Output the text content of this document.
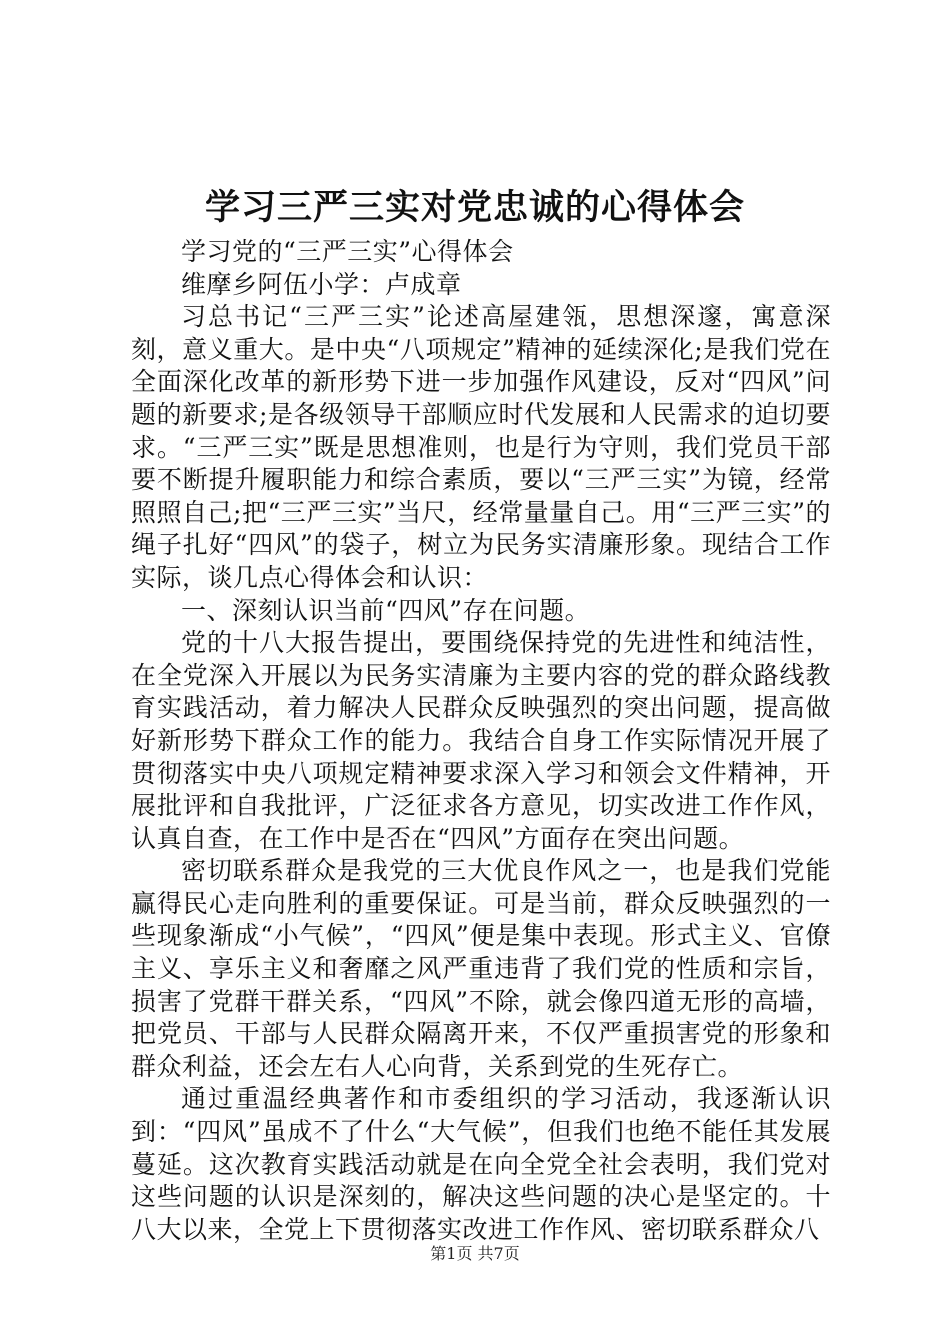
学习三严三实对党忠诚的心得体会

学习党的“三严三实”心得体会

维摩乡阿伍小学：卢成章

习总书记“三严三实”论述高屋建瓴，思想深邃，寓意深刻，意义重大。是中央“八项规定”精神的延续深化;是我们党在全面深化改革的新形势下进一步加强作风建设，反对“四风”问题的新要求;是各级领导干部顺应时代发展和人民需求的迫切要求。“三严三实”既是思想准则，也是行为守则，我们党员干部要不断提升履职能力和综合素质，要以“三严三实”为镜，经常照照自己;把“三严三实”当尺，经常量量自己。用“三严三实”的绳子扎好“四风”的袋子，树立为民务实清廉形象。现结合工作实际，谈几点心得体会和认识：

一、深刻认识当前“四风”存在问题。

党的十八大报告提出，要围绕保持党的先进性和纯洁性，在全党深入开展以为民务实清廉为主要内容的党的群众路线教育实践活动，着力解决人民群众反映强烈的突出问题，提高做好新形势下群众工作的能力。我结合自身工作实际情况开展了贯彻落实中央八项规定精神要求深入学习和领会文件精神，开展批评和自我批评，广泛征求各方意见，切实改进工作作风，认真自查，在工作中是否在“四风”方面存在突出问题。

密切联系群众是我党的三大优良作风之一，也是我们党能赢得民心走向胜利的重要保证。可是当前，群众反映强烈的一些现象渐成“小气候”，“四风”便是集中表现。形式主义、官僚主义、享乐主义和奢靡之风严重违背了我们党的性质和宗旨，损害了党群干群关系，“四风”不除，就会像四道无形的高墙，把党员、干部与人民群众隔离开来，不仅严重损害党的形象和群众利益，还会左右人心向背，关系到党的生死存亡。

通过重温经典著作和市委组织的学习活动，我逐渐认识到：“四风”虽成不了什么“大气候”，但我们也绝不能任其发展蔓延。这次教育实践活动就是在向全党全社会表明，我们党对这些问题的认识是深刻的，解决这些问题的决心是坚定的。十八大以来，全党上下贯彻落实改进工作作风、密切联系群众八

第1页 共7页
